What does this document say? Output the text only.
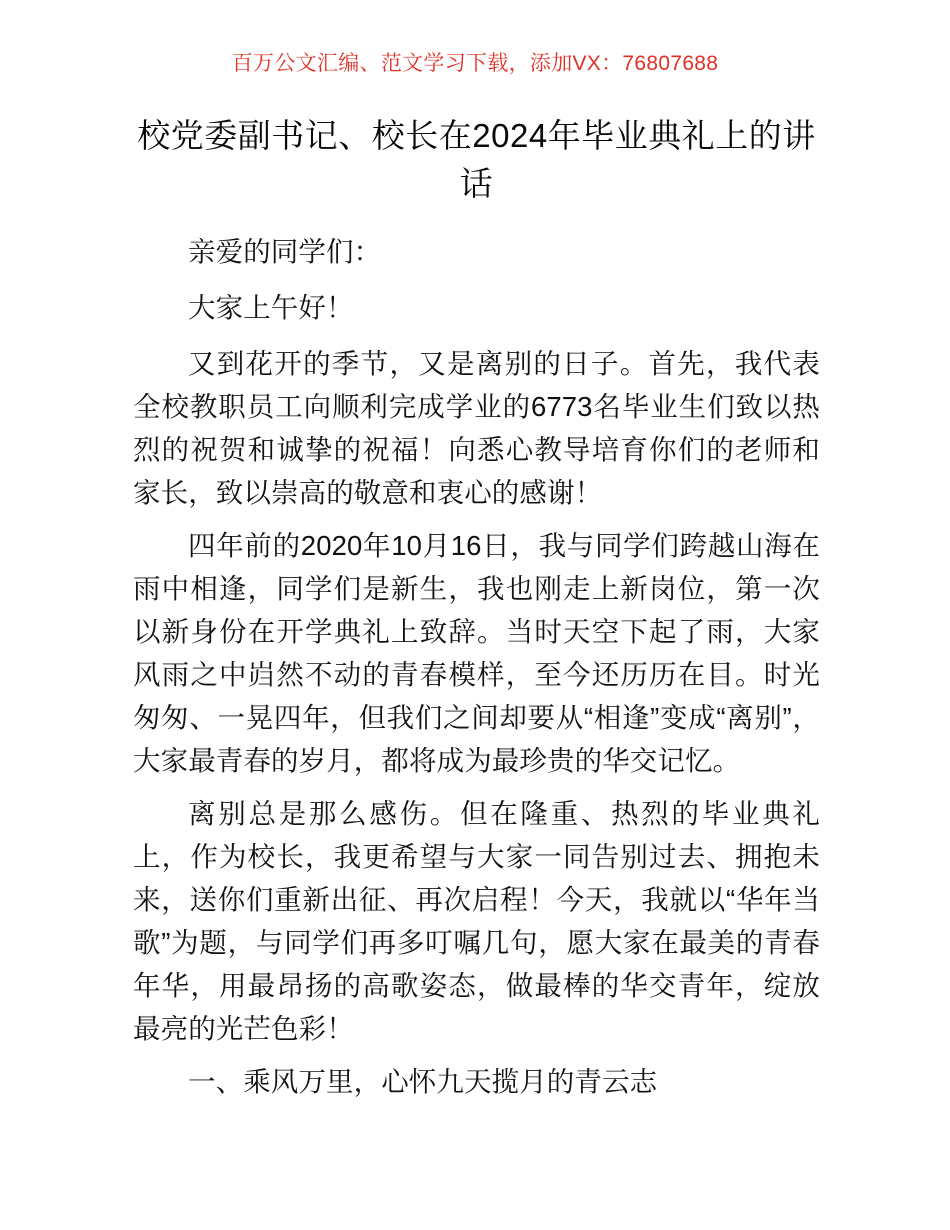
百万公文汇编、范文学习下载，添加VX：76807688
校党委副书记、校长在2024年毕业典礼上的讲话

亲爱的同学们：

大家上午好！

又到花开的季节，又是离别的日子。首先，我代表全校教职员工向顺利完成学业的6773名毕业生们致以热烈的祝贺和诚挚的祝福！向悉心教导培育你们的老师和家长，致以崇高的敬意和衷心的感谢！

四年前的2020年10月16日，我与同学们跨越山海在雨中相逢，同学们是新生，我也刚走上新岗位，第一次以新身份在开学典礼上致辞。当时天空下起了雨，大家风雨之中岿然不动的青春模样，至今还历历在目。时光匆匆、一晃四年，但我们之间却要从“相逢”变成“离别”，大家最青春的岁月，都将成为最珍贵的华交记忆。

离别总是那么感伤。但在隆重、热烈的毕业典礼上，作为校长，我更希望与大家一同告别过去、拥抱未来，送你们重新出征、再次启程！今天，我就以“华年当歌”为题，与同学们再多叮嘱几句，愿大家在最美的青春年华，用最昂扬的高歌姿态，做最棒的华交青年，绽放最亮的光芒色彩！

一、乘风万里，心怀九天揽月的青云志
